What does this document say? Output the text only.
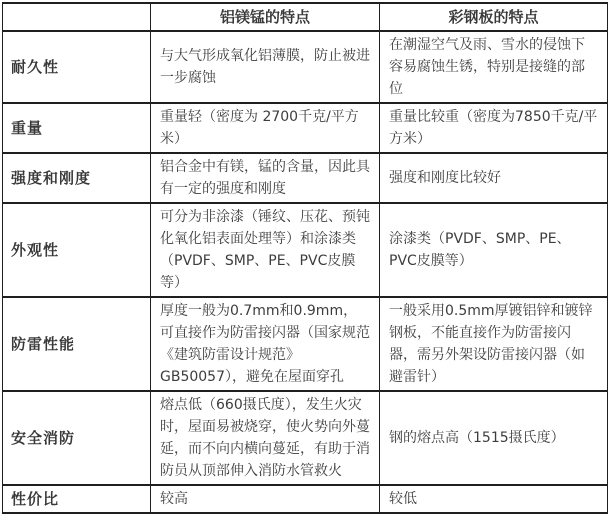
	铝镁锰的特点	彩钢板的特点
耐久性	与大气形成氧化铝薄膜，防止被进一步腐蚀	在潮湿空气及雨、雪水的侵蚀下容易腐蚀生锈，特别是接缝的部位
重量	重量轻（密度为 2700千克/平方米）	重量比较重（密度为7850千克/平方米）
强度和刚度	铝合金中有镁，锰的含量，因此具有一定的强度和刚度	强度和刚度比较好
外观性	可分为非涂漆（锤纹、压花、预钝化氧化铝表面处理等）和涂漆类（PVDF、SMP、PE、PVC皮膜等）	涂漆类（PVDF、SMP、PE、PVC皮膜等）
防雷性能	厚度一般为0.7mm和0.9mm，可直接作为防雷接闪器（国家规范《建筑防雷设计规范》GB50057），避免在屋面穿孔	一般采用0.5mm厚镀铝锌和镀锌钢板，不能直接作为防雷接闪器，需另外架设防雷接闪器（如避雷针）
安全消防	熔点低（660摄氏度），发生火灾时，屋面易被烧穿，使火势向外蔓延，而不向内横向蔓延，有助于消防员从顶部伸入消防水管救火	钢的熔点高（1515摄氏度）
性价比	较高	较低
